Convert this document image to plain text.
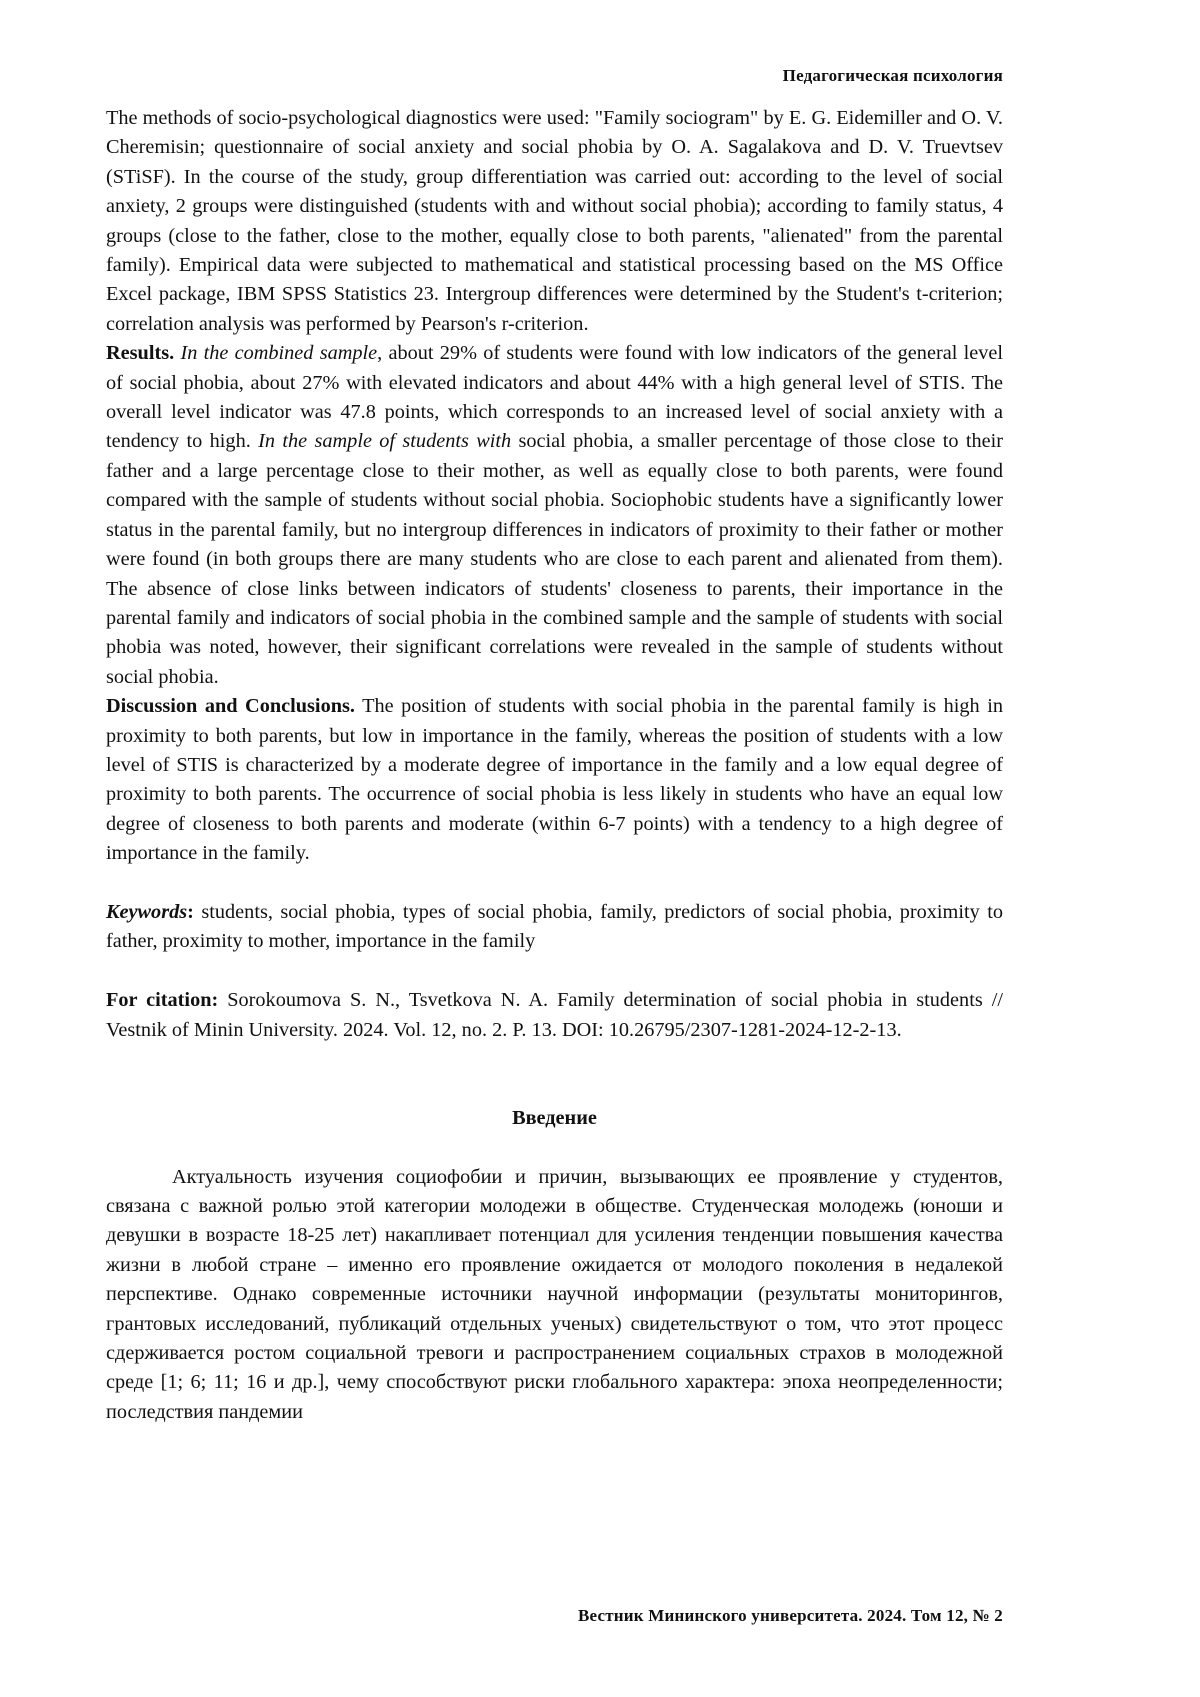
Педагогическая психология

The methods of socio-psychological diagnostics were used: "Family sociogram" by E. G. Eidemiller and O. V. Cheremisin; questionnaire of social anxiety and social phobia by O. A. Sagalakova and D. V. Truevtsev (STiSF). In the course of the study, group differentiation was carried out: according to the level of social anxiety, 2 groups were distinguished (students with and without social phobia); according to family status, 4 groups (close to the father, close to the mother, equally close to both parents, "alienated" from the parental family). Empirical data were subjected to mathematical and statistical processing based on the MS Office Excel package, IBM SPSS Statistics 23. Intergroup differences were determined by the Student's t-criterion; correlation analysis was performed by Pearson's r-criterion.

Results. In the combined sample, about 29% of students were found with low indicators of the general level of social phobia, about 27% with elevated indicators and about 44% with a high general level of STIS. The overall level indicator was 47.8 points, which corresponds to an increased level of social anxiety with a tendency to high. In the sample of students with social phobia, a smaller percentage of those close to their father and a large percentage close to their mother, as well as equally close to both parents, were found compared with the sample of students without social phobia. Sociophobic students have a significantly lower status in the parental family, but no intergroup differences in indicators of proximity to their father or mother were found (in both groups there are many students who are close to each parent and alienated from them). The absence of close links between indicators of students' closeness to parents, their importance in the parental family and indicators of social phobia in the combined sample and the sample of students with social phobia was noted, however, their significant correlations were revealed in the sample of students without social phobia.

Discussion and Conclusions. The position of students with social phobia in the parental family is high in proximity to both parents, but low in importance in the family, whereas the position of students with a low level of STIS is characterized by a moderate degree of importance in the family and a low equal degree of proximity to both parents. The occurrence of social phobia is less likely in students who have an equal low degree of closeness to both parents and moderate (within 6-7 points) with a tendency to a high degree of importance in the family.

Keywords: students, social phobia, types of social phobia, family, predictors of social phobia, proximity to father, proximity to mother, importance in the family

For citation: Sorokoumova S. N., Tsvetkova N. A. Family determination of social phobia in students // Vestnik of Minin University. 2024. Vol. 12, no. 2. P. 13. DOI: 10.26795/2307-1281-2024-12-2-13.

Введение

Актуальность изучения социофобии и причин, вызывающих ее проявление у студентов, связана с важной ролью этой категории молодежи в обществе. Студенческая молодежь (юноши и девушки в возрасте 18-25 лет) накапливает потенциал для усиления тенденции повышения качества жизни в любой стране – именно его проявление ожидается от молодого поколения в недалекой перспективе. Однако современные источники научной информации (результаты мониторингов, грантовых исследований, публикаций отдельных ученых) свидетельствуют о том, что этот процесс сдерживается ростом социальной тревоги и распространением социальных страхов в молодежной среде [1; 6; 11; 16 и др.], чему способствуют риски глобального характера: эпоха неопределенности; последствия пандемии

Вестник Мининского университета. 2024. Том 12, № 2
